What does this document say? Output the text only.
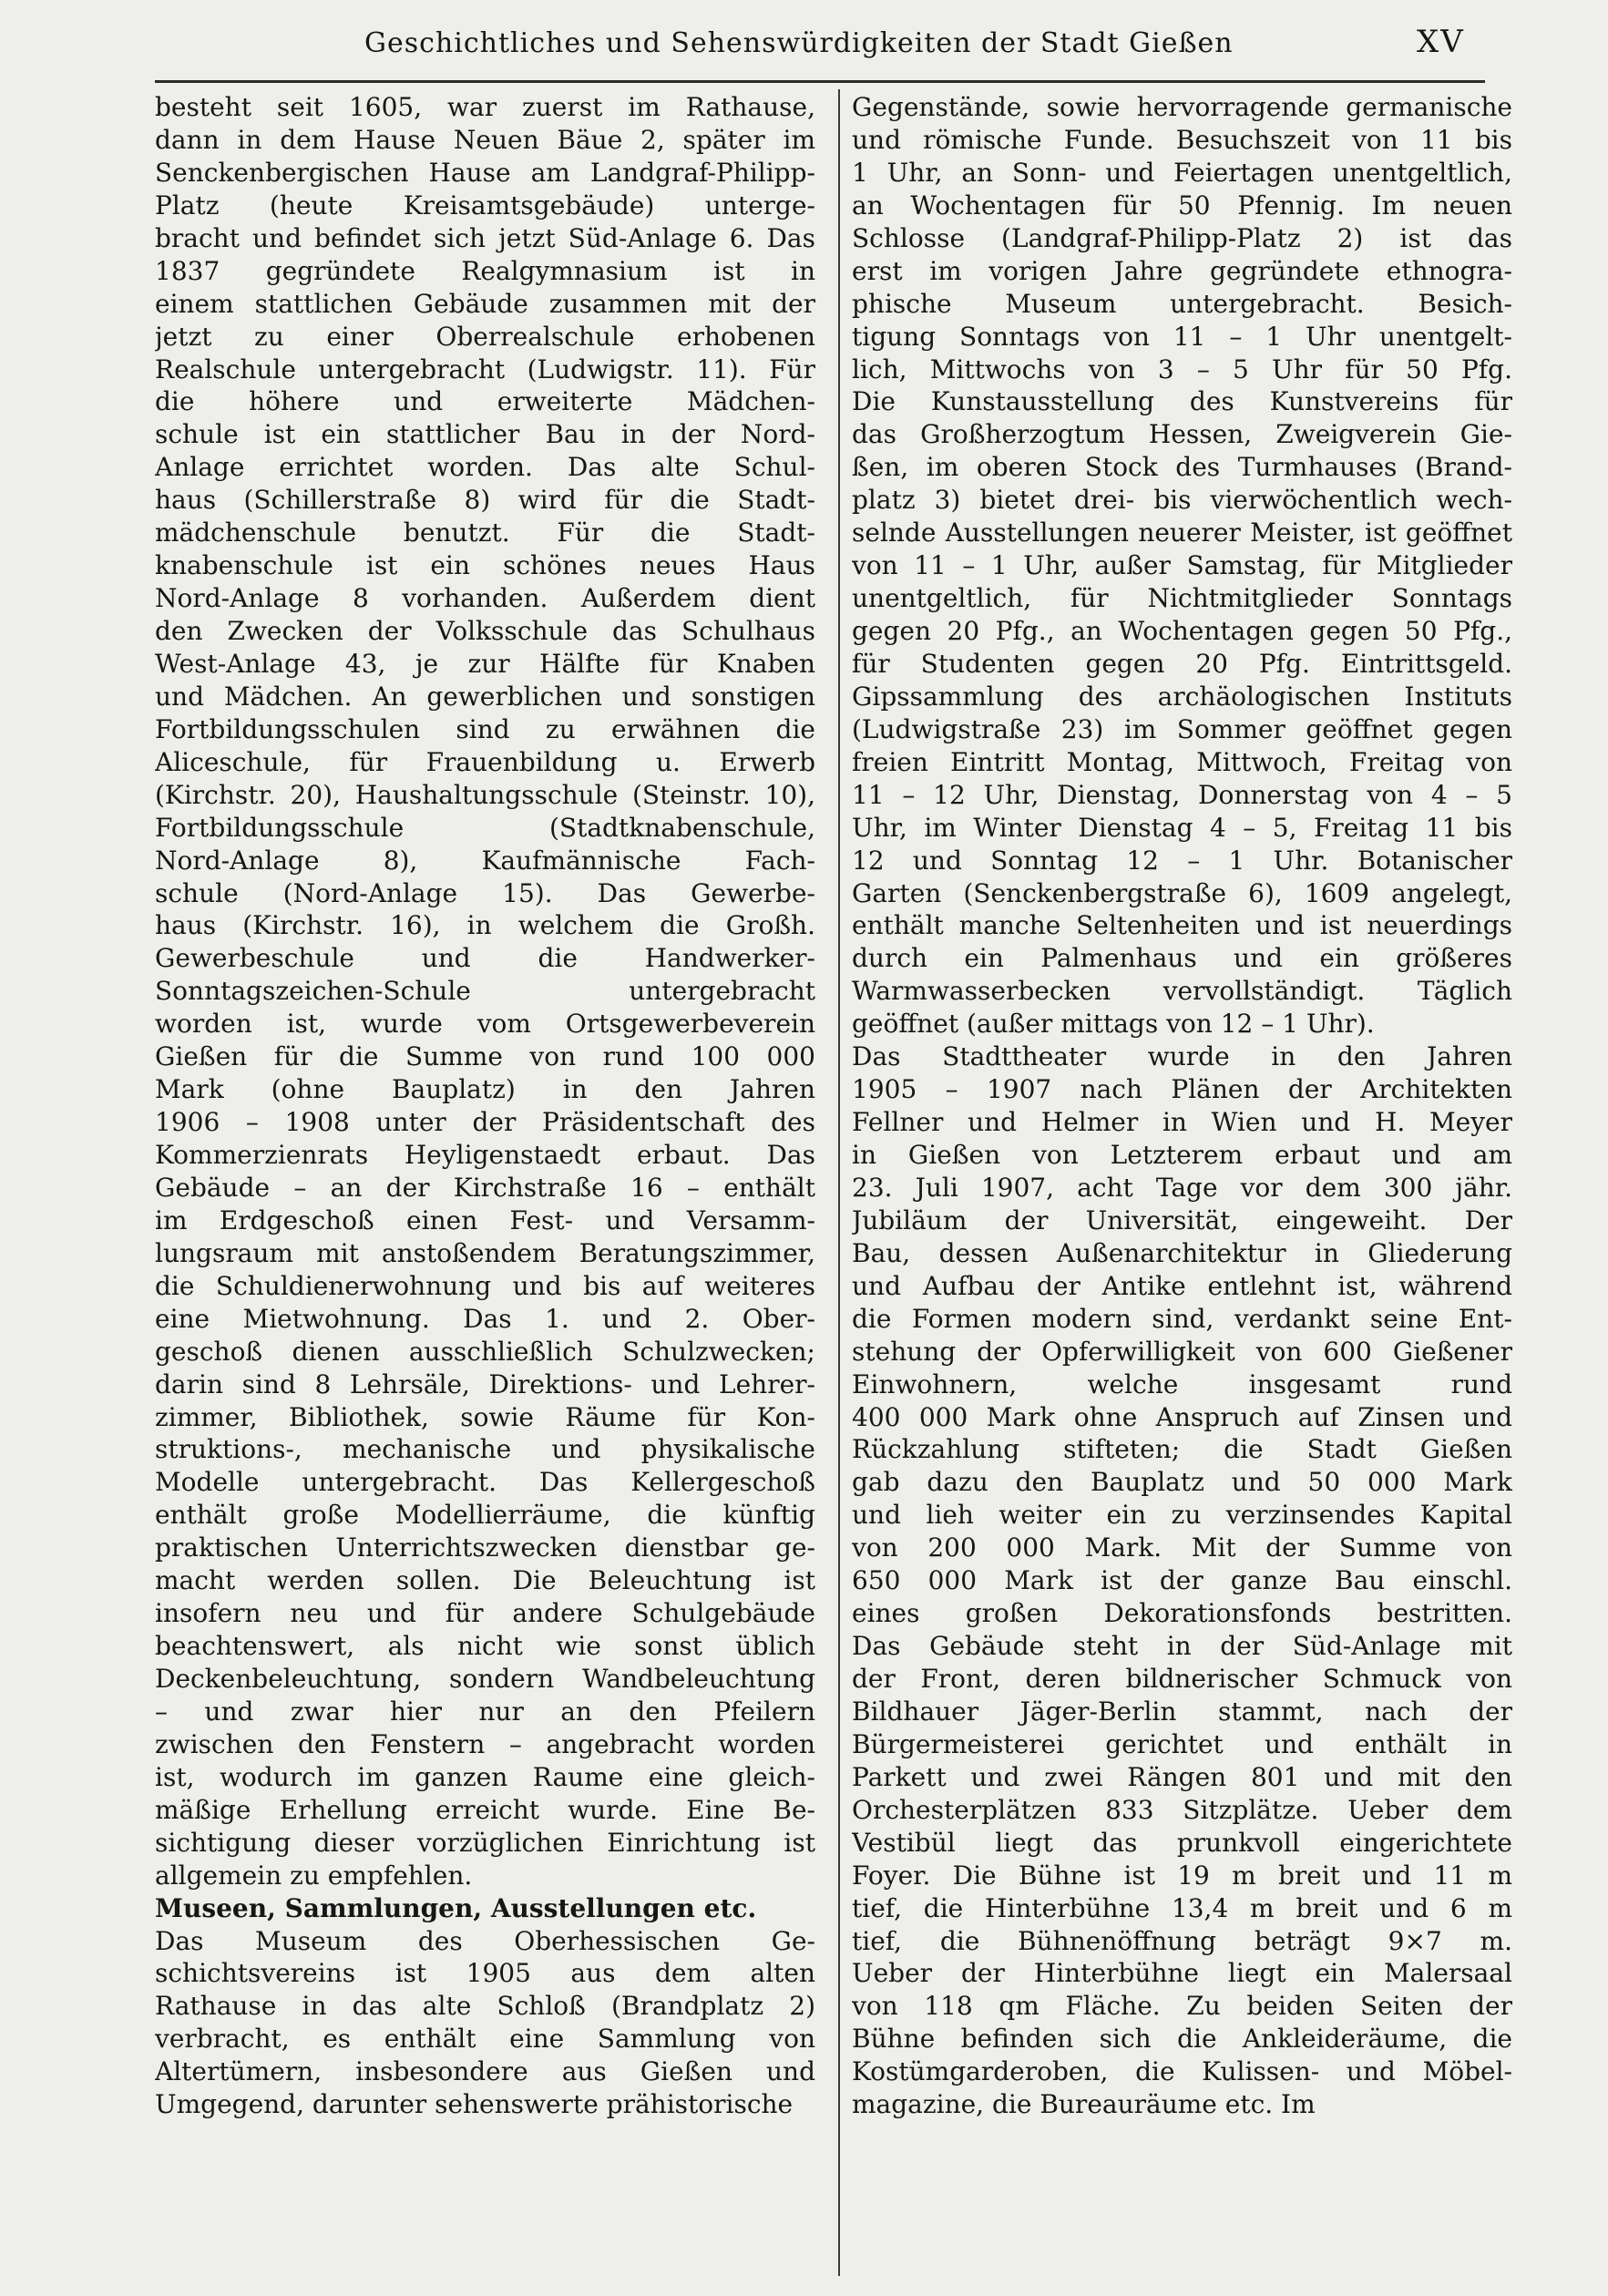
Geschichtliches und Sehenswürdigkeiten der Stadt Gießen	XV
besteht seit 1605, war zuerst im Rathause,
dann in dem Hause Neuen Bäue 2, später im
Senckenbergischen Hause am Landgraf-Philipp-
Platz (heute Kreisamtsgebäude) unterge-
bracht und befindet sich jetzt Süd-Anlage 6. Das
1837 gegründete Realgymnasium ist in
einem stattlichen Gebäude zusammen mit der
jetzt zu einer Oberrealschule erhobenen
Realschule untergebracht (Ludwigstr. 11). Für
die höhere und erweiterte Mädchen-
schule ist ein stattlicher Bau in der Nord-
Anlage errichtet worden. Das alte Schul-
haus (Schillerstraße 8) wird für die Stadt-
mädchenschule benutzt. Für die Stadt-
knabenschule ist ein schönes neues Haus
Nord-Anlage 8 vorhanden. Außerdem dient
den Zwecken der Volksschule das Schulhaus
West-Anlage 43, je zur Hälfte für Knaben
und Mädchen. An gewerblichen und sonstigen
Fortbildungsschulen sind zu erwähnen die
Aliceschule, für Frauenbildung u. Erwerb
(Kirchstr. 20), Haushaltungsschule (Steinstr. 10),
Fortbildungsschule (Stadtknabenschule,
Nord-Anlage 8), Kaufmännische Fach-
schule (Nord-Anlage 15). Das Gewerbe-
haus (Kirchstr. 16), in welchem die Großh.
Gewerbeschule und die Handwerker-
Sonntagszeichen-Schule untergebracht
worden ist, wurde vom Ortsgewerbeverein
Gießen für die Summe von rund 100 000
Mark (ohne Bauplatz) in den Jahren
1906 – 1908 unter der Präsidentschaft des
Kommerzienrats Heyligenstaedt erbaut. Das
Gebäude – an der Kirchstraße 16 – enthält
im Erdgeschoß einen Fest- und Versamm-
lungsraum mit anstoßendem Beratungszimmer,
die Schuldienerwohnung und bis auf weiteres
eine Mietwohnung. Das 1. und 2. Ober-
geschoß dienen ausschließlich Schulzwecken;
darin sind 8 Lehrsäle, Direktions- und Lehrer-
zimmer, Bibliothek, sowie Räume für Kon-
struktions-, mechanische und physikalische
Modelle untergebracht. Das Kellergeschoß
enthält große Modellierräume, die künftig
praktischen Unterrichtszwecken dienstbar ge-
macht werden sollen. Die Beleuchtung ist
insofern neu und für andere Schulgebäude
beachtenswert, als nicht wie sonst üblich
Deckenbeleuchtung, sondern Wandbeleuchtung
– und zwar hier nur an den Pfeilern
zwischen den Fenstern – angebracht worden
ist, wodurch im ganzen Raume eine gleich-
mäßige Erhellung erreicht wurde. Eine Be-
sichtigung dieser vorzüglichen Einrichtung ist
allgemein zu empfehlen.
Museen, Sammlungen, Ausstellungen etc.
Das Museum des Oberhessischen Ge-
schichtsvereins ist 1905 aus dem alten
Rathause in das alte Schloß (Brandplatz 2)
verbracht, es enthält eine Sammlung von
Altertümern, insbesondere aus Gießen und
Umgegend, darunter sehenswerte prähistorische
Gegenstände, sowie hervorragende germanische
und römische Funde. Besuchszeit von 11 bis
1 Uhr, an Sonn- und Feiertagen unentgeltlich,
an Wochentagen für 50 Pfennig. Im neuen
Schlosse (Landgraf-Philipp-Platz 2) ist das
erst im vorigen Jahre gegründete ethnogra-
phische Museum untergebracht. Besich-
tigung Sonntags von 11 – 1 Uhr unentgelt-
lich, Mittwochs von 3 – 5 Uhr für 50 Pfg.
Die Kunstausstellung des Kunstvereins für
das Großherzogtum Hessen, Zweigverein Gie-
ßen, im oberen Stock des Turmhauses (Brand-
platz 3) bietet drei- bis vierwöchentlich wech-
selnde Ausstellungen neuerer Meister, ist geöffnet
von 11 – 1 Uhr, außer Samstag, für Mitglieder
unentgeltlich, für Nichtmitglieder Sonntags
gegen 20 Pfg., an Wochentagen gegen 50 Pfg.,
für Studenten gegen 20 Pfg. Eintrittsgeld.
Gipssammlung des archäologischen Instituts
(Ludwigstraße 23) im Sommer geöffnet gegen
freien Eintritt Montag, Mittwoch, Freitag von
11 – 12 Uhr, Dienstag, Donnerstag von 4 – 5
Uhr, im Winter Dienstag 4 – 5, Freitag 11 bis
12 und Sonntag 12 – 1 Uhr. Botanischer
Garten (Senckenbergstraße 6), 1609 angelegt,
enthält manche Seltenheiten und ist neuerdings
durch ein Palmenhaus und ein größeres
Warmwasserbecken vervollständigt. Täglich
geöffnet (außer mittags von 12 – 1 Uhr).
Das Stadttheater wurde in den Jahren
1905 – 1907 nach Plänen der Architekten
Fellner und Helmer in Wien und H. Meyer
in Gießen von Letzterem erbaut und am
23. Juli 1907, acht Tage vor dem 300 jähr.
Jubiläum der Universität, eingeweiht. Der
Bau, dessen Außenarchitektur in Gliederung
und Aufbau der Antike entlehnt ist, während
die Formen modern sind, verdankt seine Ent-
stehung der Opferwilligkeit von 600 Gießener
Einwohnern, welche insgesamt rund
400 000 Mark ohne Anspruch auf Zinsen und
Rückzahlung stifteten; die Stadt Gießen
gab dazu den Bauplatz und 50 000 Mark
und lieh weiter ein zu verzinsendes Kapital
von 200 000 Mark. Mit der Summe von
650 000 Mark ist der ganze Bau einschl.
eines großen Dekorationsfonds bestritten.
Das Gebäude steht in der Süd-Anlage mit
der Front, deren bildnerischer Schmuck von
Bildhauer Jäger-Berlin stammt, nach der
Bürgermeisterei gerichtet und enthält in
Parkett und zwei Rängen 801 und mit den
Orchesterplätzen 833 Sitzplätze. Ueber dem
Vestibül liegt das prunkvoll eingerichtete
Foyer. Die Bühne ist 19 m breit und 11 m
tief, die Hinterbühne 13,4 m breit und 6 m
tief, die Bühnenöffnung beträgt 9×7 m.
Ueber der Hinterbühne liegt ein Malersaal
von 118 qm Fläche. Zu beiden Seiten der
Bühne befinden sich die Ankleideräume, die
Kostümgarderoben, die Kulissen- und Möbel-
magazine, die Bureauräume etc. Im
